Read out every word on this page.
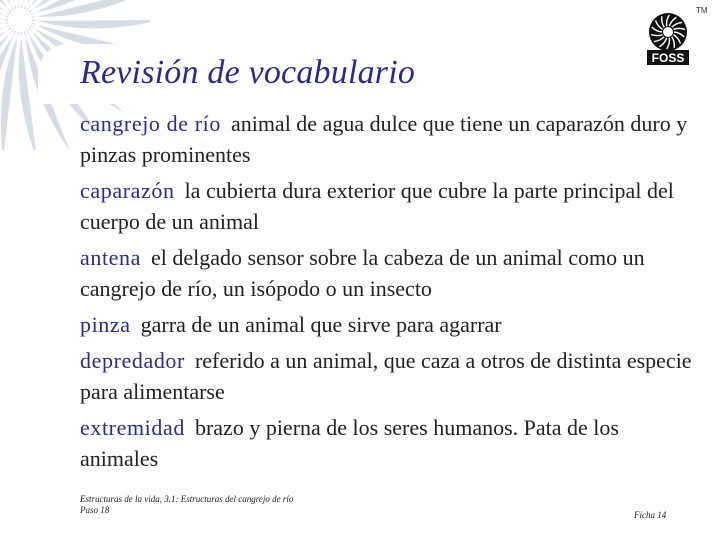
Revisión de vocabulario	FOSS
TM
cangrejo de río animal de agua dulce que tiene un caparazón duro y pinzas prominentes
caparazón la cubierta dura exterior que cubre la parte principal del cuerpo de un animal
antena el delgado sensor sobre la cabeza de un animal como un cangrejo de río, un isópodo o un insecto
pinza garra de un animal que sirve para agarrar
depredador referido a un animal, que caza a otros de distinta especie para alimentarse
extremidad brazo y pierna de los seres humanos. Pata de los animales
Estructuras de la vida, 3.1: Estructuras del cangrejo de río
Paso 18	Ficha 14
